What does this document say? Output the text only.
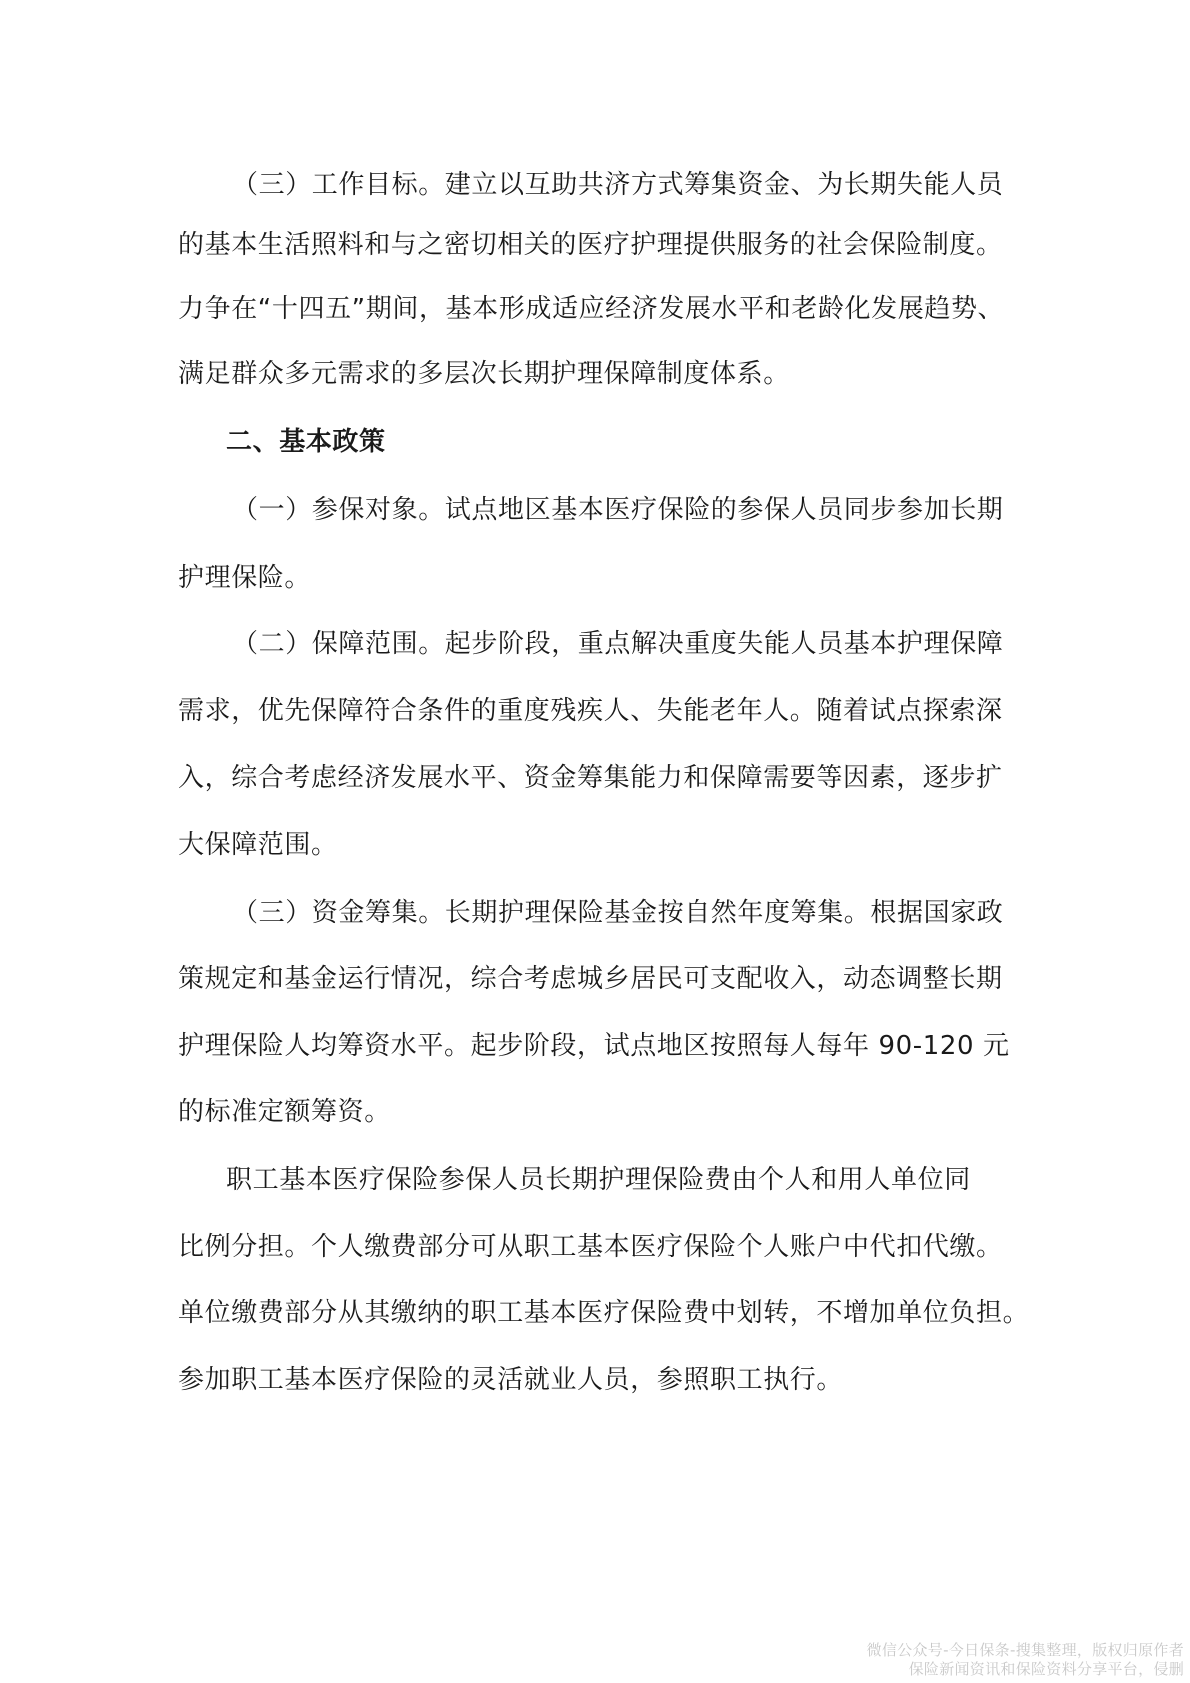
（三）工作目标。建立以互助共济方式筹集资金、为长期失能人员
的基本生活照料和与之密切相关的医疗护理提供服务的社会保险制度。
力争在“十四五”期间，基本形成适应经济发展水平和老龄化发展趋势、
满足群众多元需求的多层次长期护理保障制度体系。
二、基本政策
（一）参保对象。试点地区基本医疗保险的参保人员同步参加长期
护理保险。
（二）保障范围。起步阶段，重点解决重度失能人员基本护理保障
需求，优先保障符合条件的重度残疾人、失能老年人。随着试点探索深
入，综合考虑经济发展水平、资金筹集能力和保障需要等因素，逐步扩
大保障范围。
（三）资金筹集。长期护理保险基金按自然年度筹集。根据国家政
策规定和基金运行情况，综合考虑城乡居民可支配收入，动态调整长期
护理保险人均筹资水平。起步阶段，试点地区按照每人每年 90-120 元
的标准定额筹资。
职工基本医疗保险参保人员长期护理保险费由个人和用人单位同
比例分担。个人缴费部分可从职工基本医疗保险个人账户中代扣代缴。
单位缴费部分从其缴纳的职工基本医疗保险费中划转，不增加单位负担。
参加职工基本医疗保险的灵活就业人员，参照职工执行。
微信公众号-今日保条-搜集整理，版权归原作者
保险新闻资讯和保险资料分享平台，侵删
